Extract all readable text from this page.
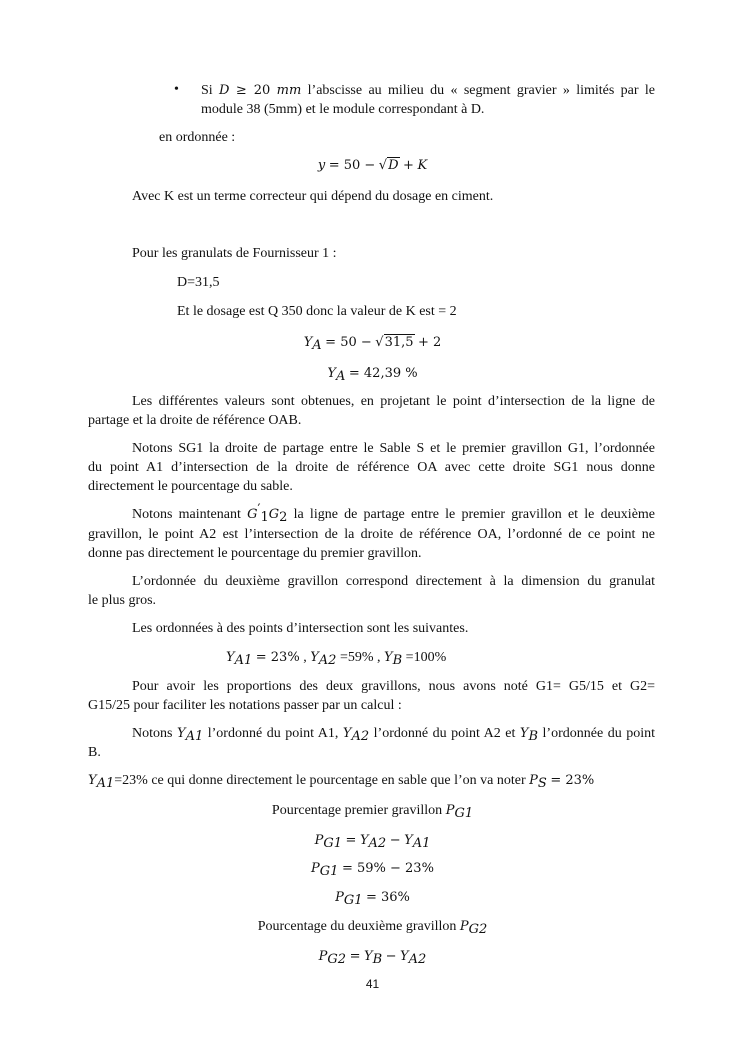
• Si D ≥ 20 mm l’abscisse au milieu du « segment gravier » limités par le
module 38 (5mm) et le module correspondant à D.
en ordonnée :
y = 50 − √D + K
Avec K est un terme correcteur qui dépend du dosage en ciment.
Pour les granulats de Fournisseur 1 :
D=31,5
Et le dosage est Q 350 donc la valeur de K est = 2
$Y_A = 50 - √31,5 + 2$
$Y_A = 42,39$ %
Les différentes valeurs sont obtenues, en projetant le point d’intersection de la ligne de
partage et la droite de référence OAB.
Notons SG1 la droite de partage entre le Sable S et le premier gravillon G1, l’ordonnée
du point A1 d’intersection de la droite de référence OA avec cette droite SG1 nous donne
directement le pourcentage du sable.
Notons maintenant $G'_1G_2$ la ligne de partage entre le premier gravillon et le deuxième
gravillon, le point A2 est l’intersection de la droite de référence OA, l’ordonné de ce point ne
donne pas directement le pourcentage du premier gravillon.
L’ordonnée du deuxième gravillon correspond directement à la dimension du granulat
le plus gros.
Les ordonnées à des points d’intersection sont les suivantes.
$Y_{A1} = 23\%$ , $Y_{A2} =59\%$ , $Y_B =100\%$
Pour avoir les proportions des deux gravillons, nous avons noté G1= G5/15 et G2=
G15/25 pour faciliter les notations passer par un calcul :
Notons $Y_{A1}$ l’ordonné du point A1, $Y_{A2}$ l’ordonné du point A2 et $Y_B$ l’ordonnée du point
B.
$Y_{A1}=23\%$ ce qui donne directement le pourcentage en sable que l’on va noter $P_S = 23\%$
Pourcentage premier gravillon $P_{G1}$
$P_{G1} = Y_{A2} - Y_{A1}$
$P_{G1} = 59\% - 23\%$
$P_{G1} = 36\%$
Pourcentage du deuxième gravillon $P_{G2}$
$P_{G2} = Y_B - Y_{A2}$
41
